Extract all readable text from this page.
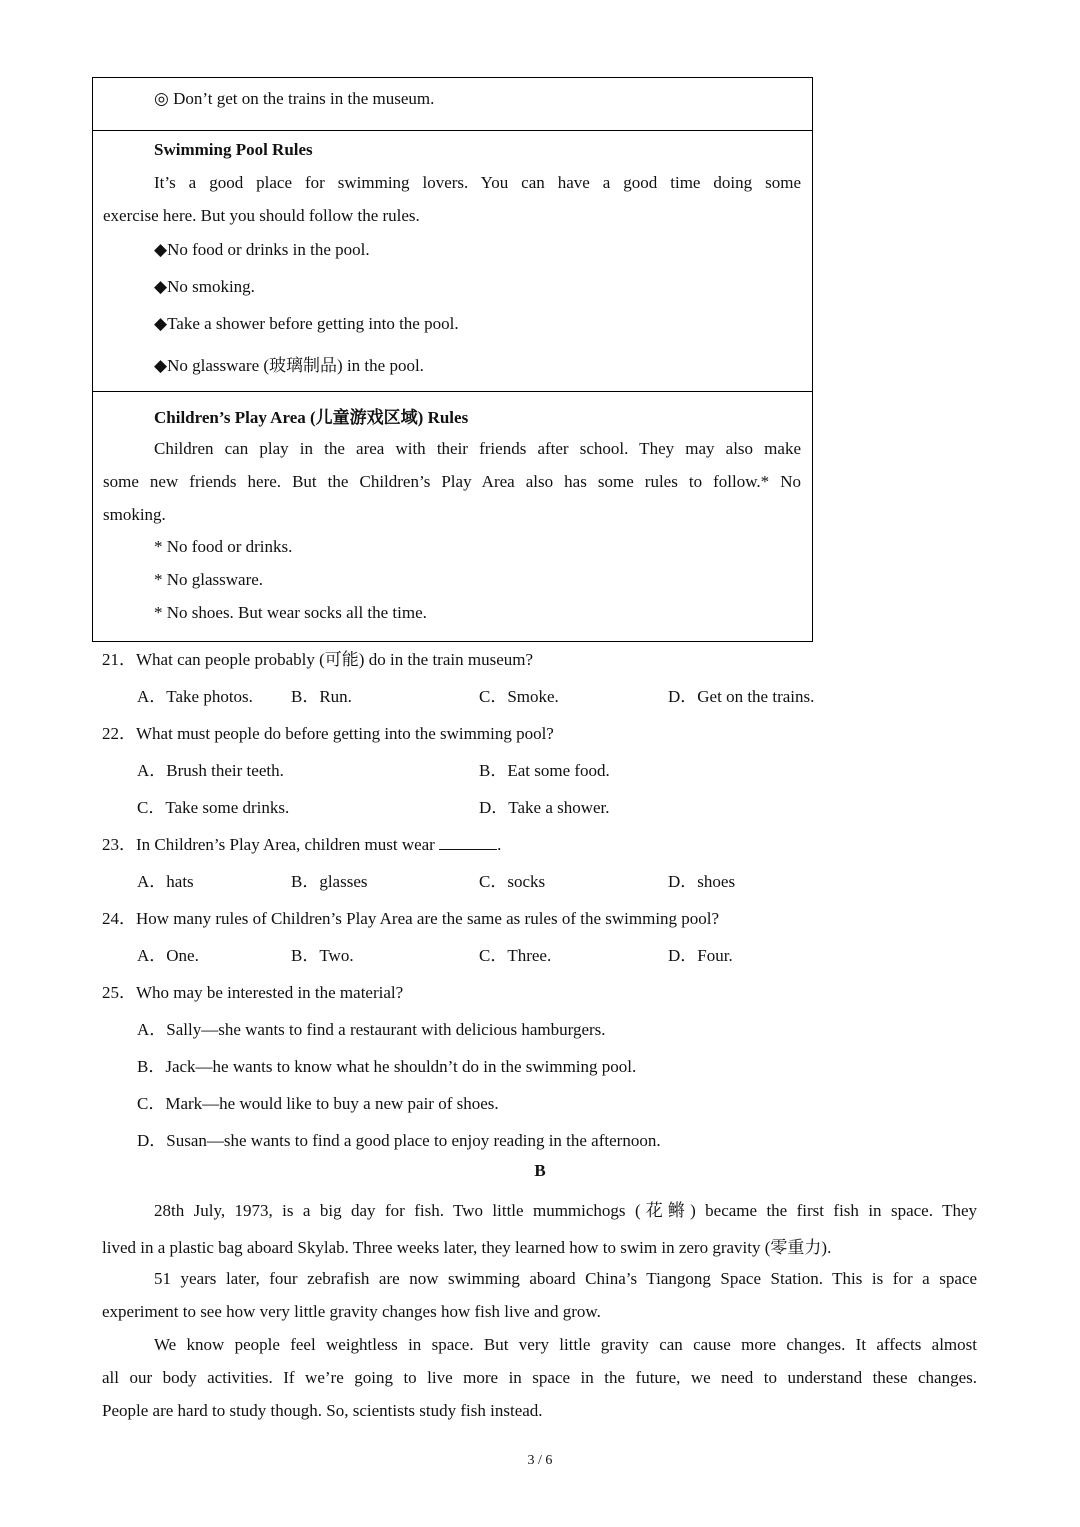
◎ Don’t get on the trains in the museum.
Swimming Pool Rules
It’s a good place for swimming lovers. You can have a good time doing some
exercise here. But you should follow the rules.
◆No food or drinks in the pool.
◆No smoking.
◆Take a shower before getting into the pool.
◆No glassware (玻璃制品) in the pool.
Children’s Play Area (儿童游戏区域) Rules
Children can play in the area with their friends after school. They may also make
some new friends here. But the Children’s Play Area also has some rules to follow.* No
smoking.
* No food or drinks.
* No glassware.
* No shoes. But wear socks all the time.
21．What can people probably (可能) do in the train museum?
A．Take photos. B．Run.	C．Smoke.	D．Get on the trains.
22．What must people do before getting into the swimming pool?
A．Brush their teeth.	B．Eat some food.
C．Take some drinks.	D．Take a shower.
23．In Children’s Play Area, children must wear	.
A．hats	B．glasses	C．socks	D．shoes
24．How many rules of Children’s Play Area are the same as rules of the swimming pool?
A．One.	B．Two.	C．Three.	D．Four.
25．Who may be interested in the material?
A．Sally—she wants to find a restaurant with delicious hamburgers.
B．Jack—he wants to know what he shouldn’t do in the swimming pool.
C．Mark—he would like to buy a new pair of shoes.
D．Susan—she wants to find a good place to enjoy reading in the afternoon.
B
28th July, 1973, is a big day for fish. Two little mummichogs (花鳉) became the first fish in space. They
lived in a plastic bag aboard Skylab. Three weeks later, they learned how to swim in zero gravity (零重力).
51 years later, four zebrafish are now swimming aboard China’s Tiangong Space Station. This is for a space
experiment to see how very little gravity changes how fish live and grow.
We know people feel weightless in space. But very little gravity can cause more changes. It affects almost
all our body activities. If we’re going to live more in space in the future, we need to understand these changes.
People are hard to study though. So, scientists study fish instead.
3 / 6
